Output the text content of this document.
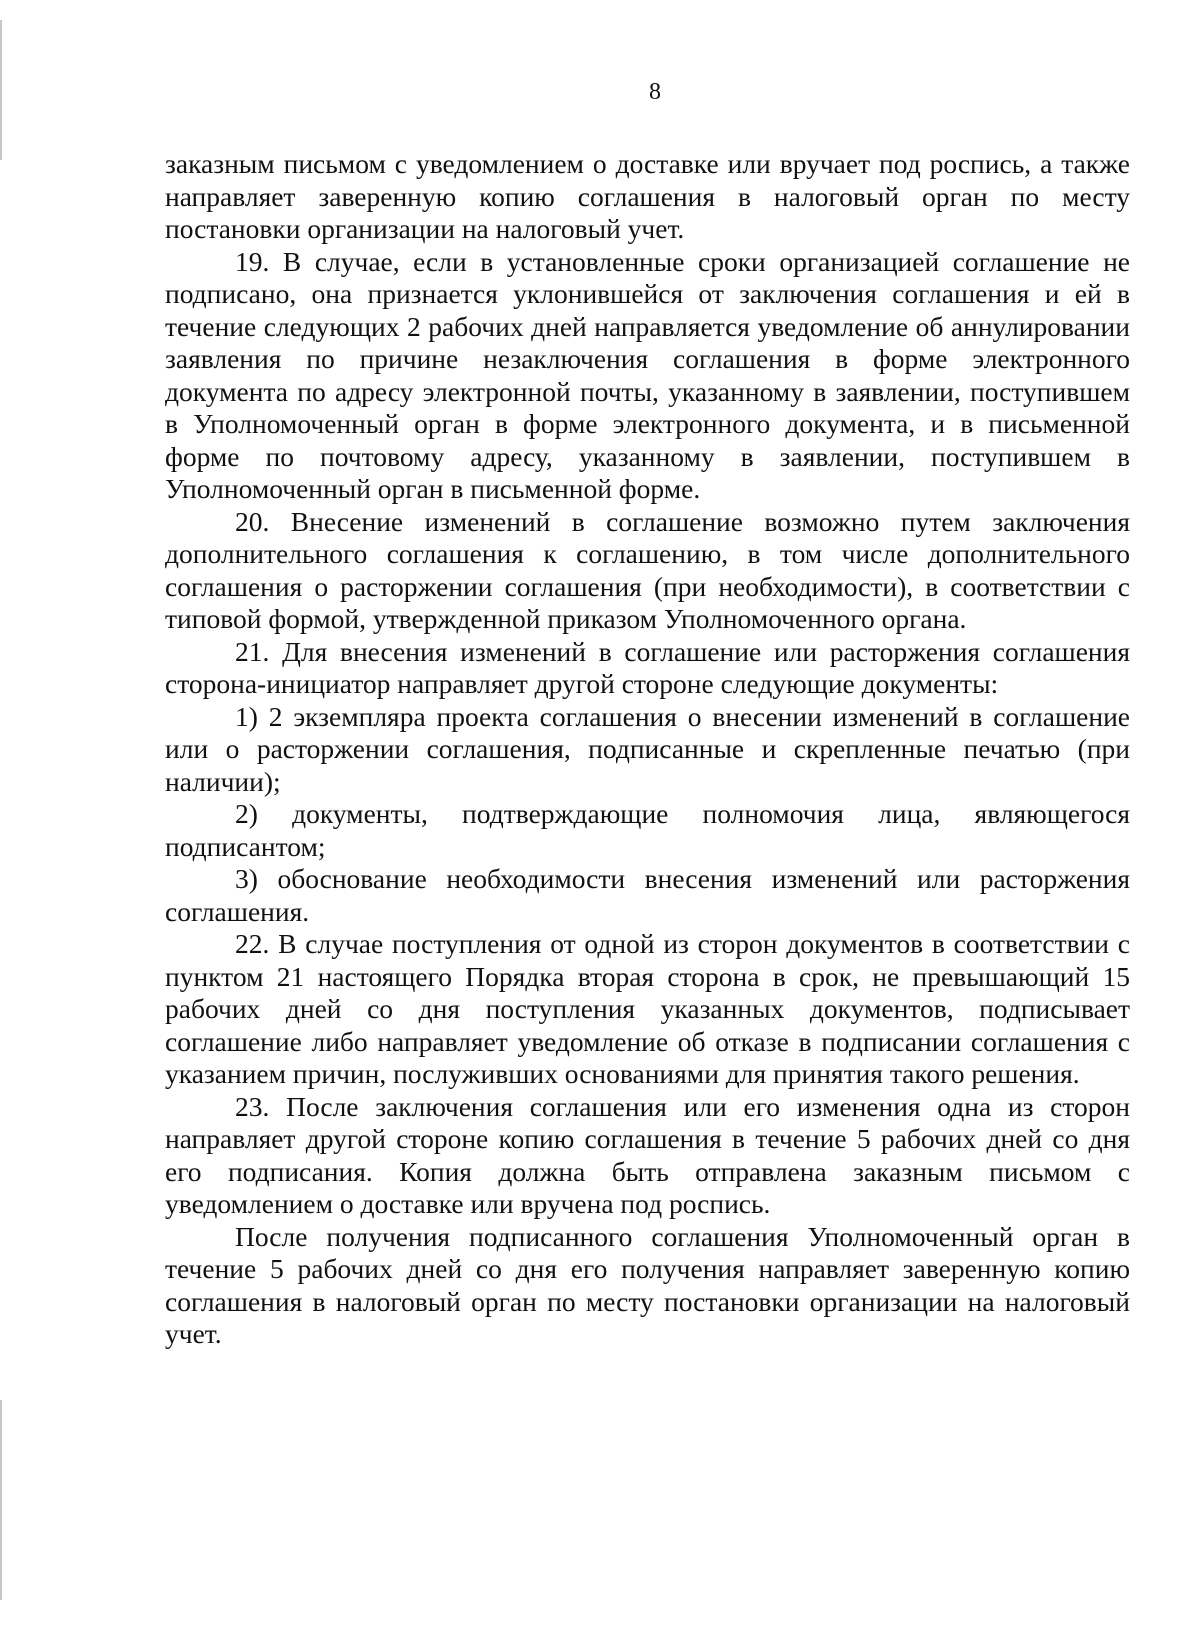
8

заказным письмом с уведомлением о доставке или вручает под роспись, а также направляет заверенную копию соглашения в налоговый орган по месту постановки организации на налоговый учет.

19. В случае, если в установленные сроки организацией соглашение не подписано, она признается уклонившейся от заключения соглашения и ей в течение следующих 2 рабочих дней направляется уведомление об аннулировании заявления по причине незаключения соглашения в форме электронного документа по адресу электронной почты, указанному в заявлении, поступившем в Уполномоченный орган в форме электронного документа, и в письменной форме по почтовому адресу, указанному в заявлении, поступившем в Уполномоченный орган в письменной форме.

20. Внесение изменений в соглашение возможно путем заключения дополнительного соглашения к соглашению, в том числе дополнительного соглашения о расторжении соглашения (при необходимости), в соответствии с типовой формой, утвержденной приказом Уполномоченного органа.

21. Для внесения изменений в соглашение или расторжения соглашения сторона-инициатор направляет другой стороне следующие документы:

1) 2 экземпляра проекта соглашения о внесении изменений в соглашение или о расторжении соглашения, подписанные и скрепленные печатью (при наличии);

2) документы, подтверждающие полномочия лица, являющегося подписантом;

3) обоснование необходимости внесения изменений или расторжения соглашения.

22. В случае поступления от одной из сторон документов в соответствии с пунктом 21 настоящего Порядка вторая сторона в срок, не превышающий 15 рабочих дней со дня поступления указанных документов, подписывает соглашение либо направляет уведомление об отказе в подписании соглашения с указанием причин, послуживших основаниями для принятия такого решения.

23. После заключения соглашения или его изменения одна из сторон направляет другой стороне копию соглашения в течение 5 рабочих дней со дня его подписания. Копия должна быть отправлена заказным письмом с уведомлением о доставке или вручена под роспись.

После получения подписанного соглашения Уполномоченный орган в течение 5 рабочих дней со дня его получения направляет заверенную копию соглашения в налоговый орган по месту постановки организации на налоговый учет.
